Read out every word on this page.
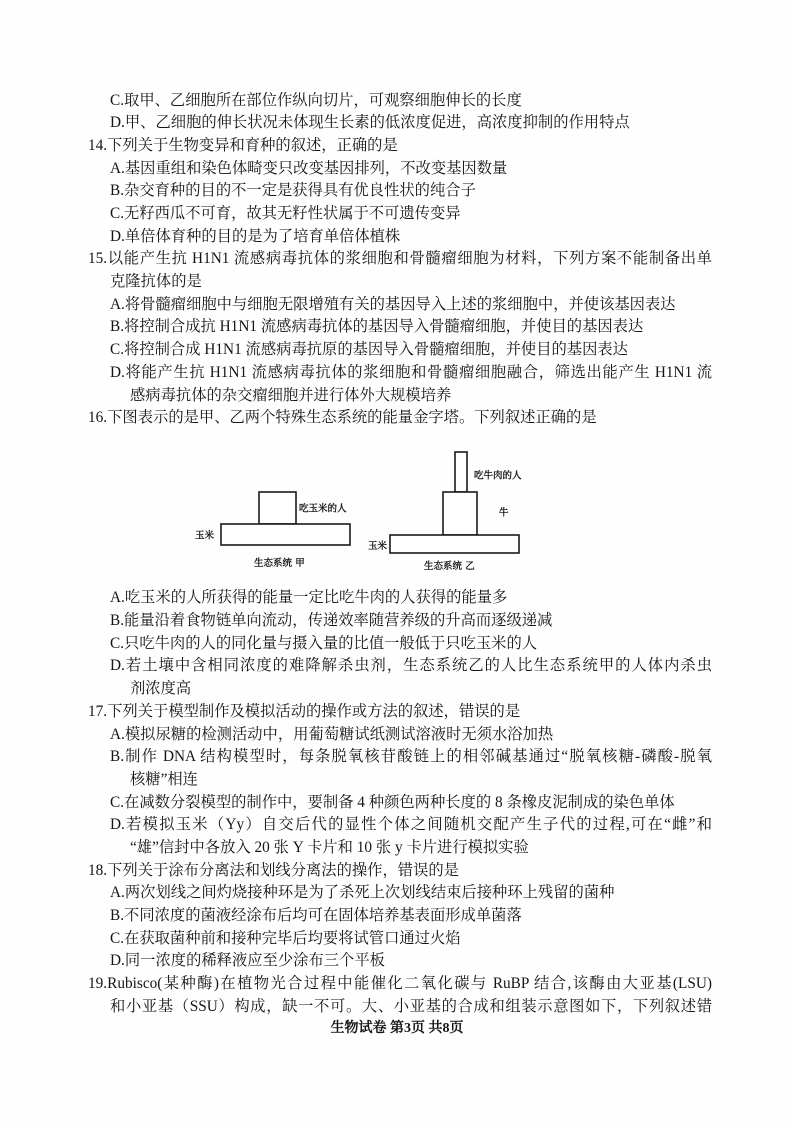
C.取甲、乙细胞所在部位作纵向切片，可观察细胞伸长的长度
D.甲、乙细胞的伸长状况未体现生长素的低浓度促进，高浓度抑制的作用特点
14.下列关于生物变异和育种的叙述，正确的是
A.基因重组和染色体畸变只改变基因排列，不改变基因数量
B.杂交育种的目的不一定是获得具有优良性状的纯合子
C.无籽西瓜不可育，故其无籽性状属于不可遗传变异
D.单倍体育种的目的是为了培育单倍体植株
15.以能产生抗 H1N1 流感病毒抗体的浆细胞和骨髓瘤细胞为材料，下列方案不能制备出单
克隆抗体的是
A.将骨髓瘤细胞中与细胞无限增殖有关的基因导入上述的浆细胞中，并使该基因表达
B.将控制合成抗 H1N1 流感病毒抗体的基因导入骨髓瘤细胞，并使目的基因表达
C.将控制合成 H1N1 流感病毒抗原的基因导入骨髓瘤细胞，并使目的基因表达
D.将能产生抗 H1N1 流感病毒抗体的浆细胞和骨髓瘤细胞融合，筛选出能产生 H1N1 流
感病毒抗体的杂交瘤细胞并进行体外大规模培养
16.下图表示的是甲、乙两个特殊生态系统的能量金字塔。下列叙述正确的是
吃玉米的人
玉米
生态系统 甲
吃牛肉的人
牛
玉米
生态系统 乙
A.吃玉米的人所获得的能量一定比吃牛肉的人获得的能量多
B.能量沿着食物链单向流动，传递效率随营养级的升高而逐级递减
C.只吃牛肉的人的同化量与摄入量的比值一般低于只吃玉米的人
D.若土壤中含相同浓度的难降解杀虫剂，生态系统乙的人比生态系统甲的人体内杀虫
剂浓度高
17.下列关于模型制作及模拟活动的操作或方法的叙述，错误的是
A.模拟尿糖的检测活动中，用葡萄糖试纸测试溶液时无须水浴加热
B.制作 DNA 结构模型时，每条脱氧核苷酸链上的相邻碱基通过“脱氧核糖-磷酸-脱氧
核糖”相连
C.在减数分裂模型的制作中，要制备 4 种颜色两种长度的 8 条橡皮泥制成的染色单体
D.若模拟玉米（Yy）自交后代的显性个体之间随机交配产生子代的过程,可在“雌”和
“雄”信封中各放入 20 张 Y 卡片和 10 张 y 卡片进行模拟实验
18.下列关于涂布分离法和划线分离法的操作，错误的是
A.两次划线之间灼烧接种环是为了杀死上次划线结束后接种环上残留的菌种
B.不同浓度的菌液经涂布后均可在固体培养基表面形成单菌落
C.在获取菌种前和接种完毕后均要将试管口通过火焰
D.同一浓度的稀释液应至少涂布三个平板
19.Rubisco(某种酶)在植物光合过程中能催化二氧化碳与 RuBP 结合,该酶由大亚基(LSU)
和小亚基（SSU）构成，缺一不可。大、小亚基的合成和组装示意图如下，下列叙述错
生物试卷 第3页 共8页
